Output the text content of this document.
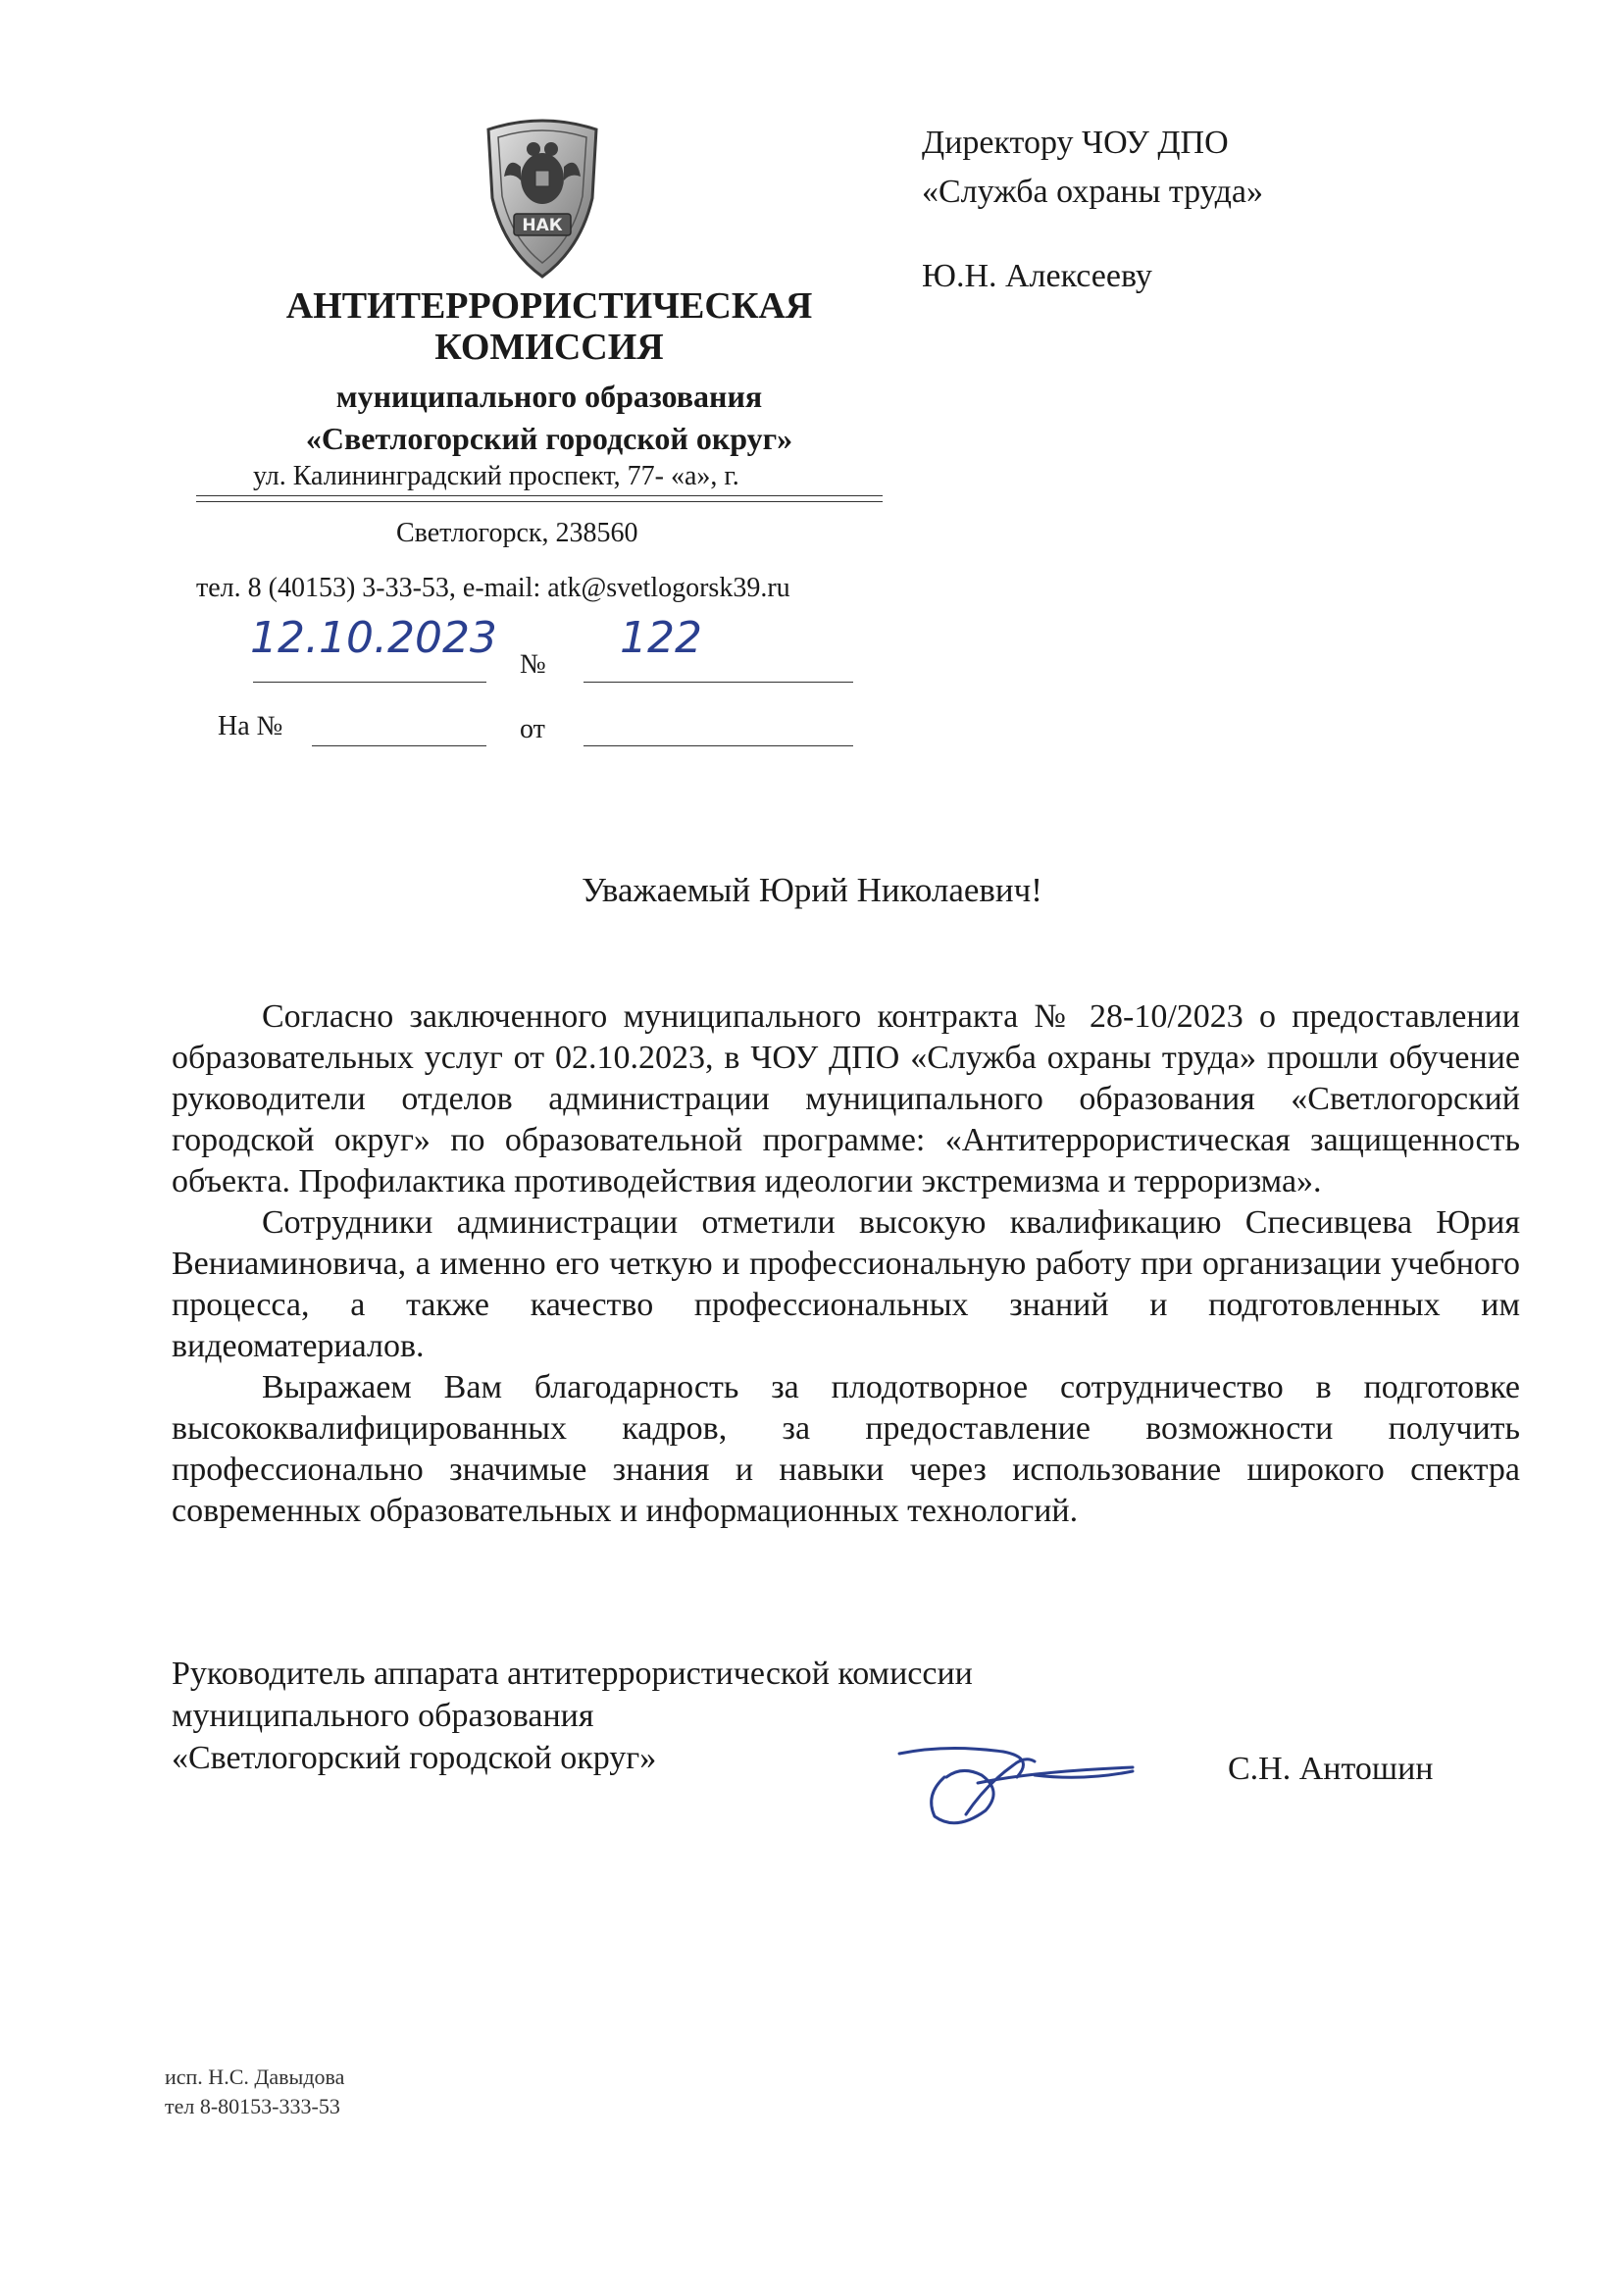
НАК
АНТИТЕРРОРИСТИЧЕСКАЯ
КОМИССИЯ
муниципального образования
«Светлогорский городской округ»
ул. Калининградский проспект, 77- «а», г.
Светлогорск, 238560
тел. 8 (40153) 3-33-53, e-mail: atk@svetlogorsk39.ru
12.10.2023
№
122
На №	от
Директору ЧОУ ДПО
«Служба охраны труда»
Ю.Н. Алексееву
Уважаемый Юрий Николаевич!

Согласно заключенного муниципального контракта № 28-10/2023 о предоставлении образовательных услуг от 02.10.2023, в ЧОУ ДПО «Служба охраны труда» прошли обучение руководители отделов администрации муниципального образования «Светлогорский городской округ» по образовательной программе: «Антитеррористическая защищенность объекта. Профилактика противодействия идеологии экстремизма и терроризма».

Сотрудники администрации отметили высокую квалификацию Спесивцева Юрия Вениаминовича, а именно его четкую и профессиональную работу при организации учебного процесса, а также качество профессиональных знаний и подготовленных им видеоматериалов.

Выражаем Вам благодарность за плодотворное сотрудничество в подготовке высококвалифицированных кадров, за предоставление возможности получить профессионально значимые знания и навыки через использование широкого спектра современных образовательных и информационных технологий.

Руководитель аппарата антитеррористической комиссии
муниципального образования
«Светлогорский городской округ»	С.Н. Антошин
исп. Н.С. Давыдова
тел 8-80153-333-53
